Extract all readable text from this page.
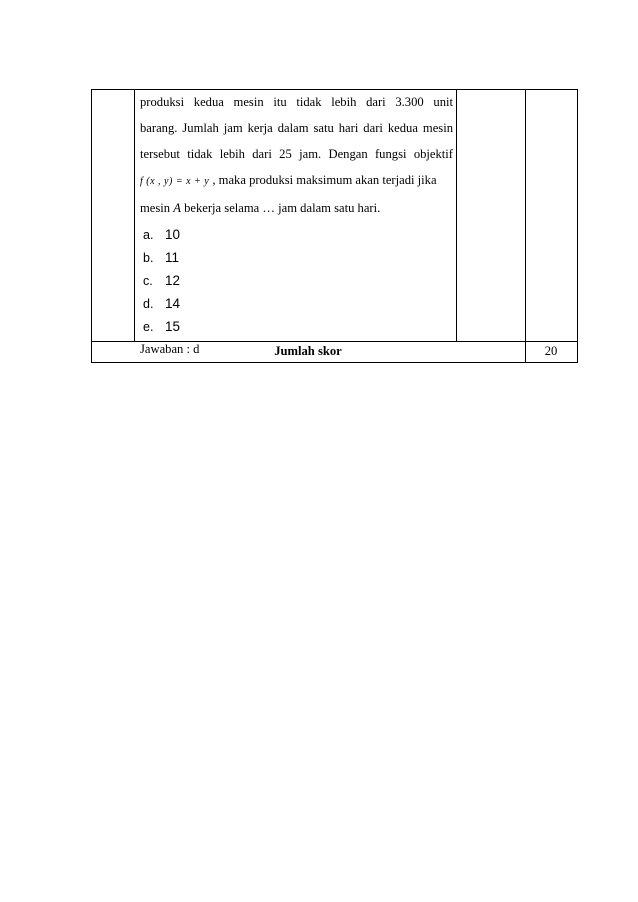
produksi kedua mesin itu tidak lebih dari 3.300 unit

barang. Jumlah jam kerja dalam satu hari dari kedua mesin

tersebut tidak lebih dari 25 jam. Dengan fungsi objektif

f (x , y) = x + y , maka produksi maksimum akan terjadi jika

mesin A bekerja selama … jam dalam satu hari.

a. 10
b. 11
c. 12
d. 14
e. 15

Jawaban : d	Jumlah skor	20
